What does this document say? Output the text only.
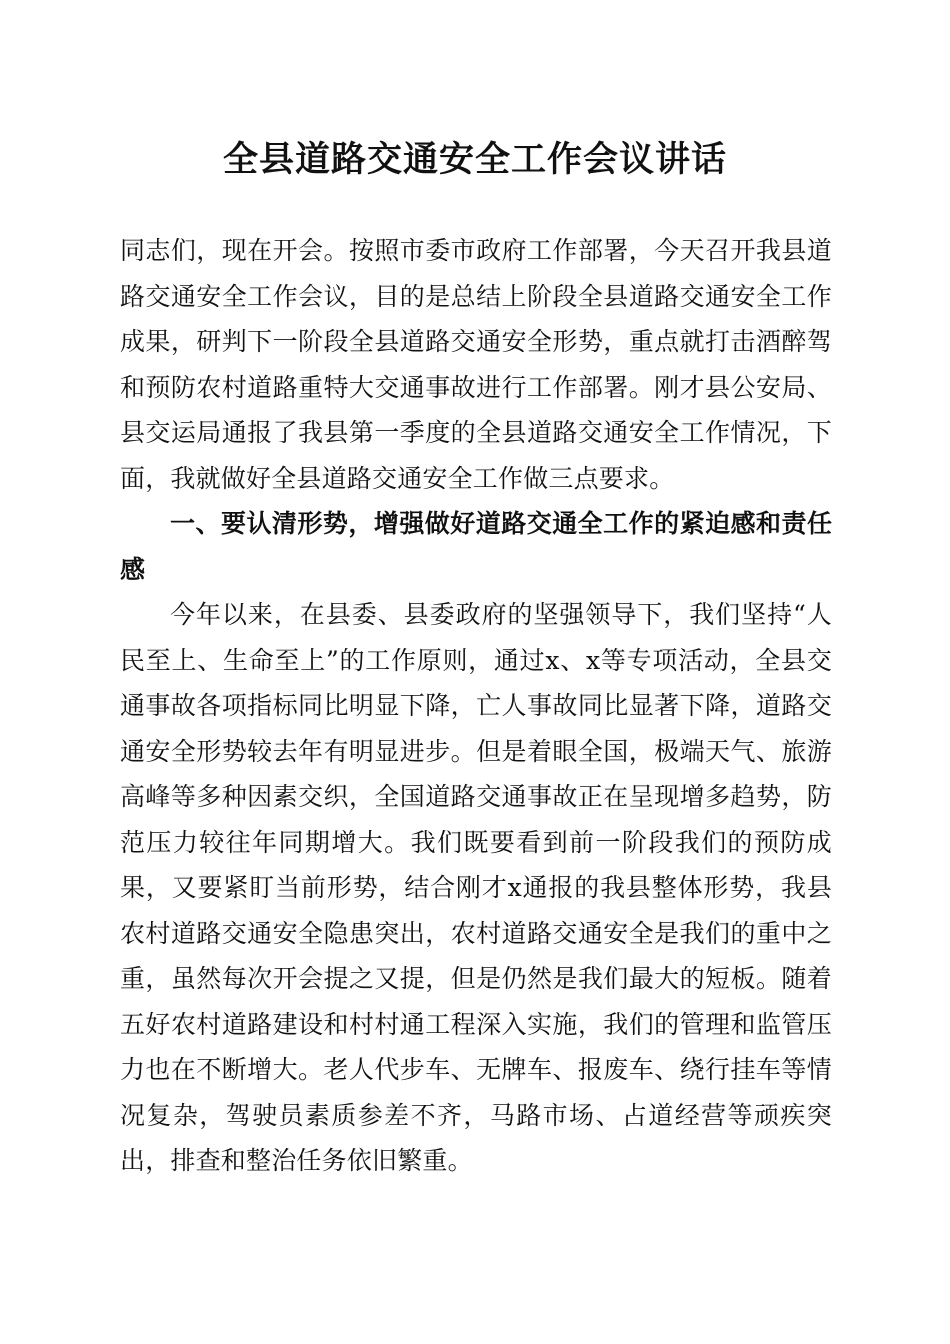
全县道路交通安全工作会议讲话

同志们，现在开会。按照市委市政府工作部署，今天召开我县道路交通安全工作会议，目的是总结上阶段全县道路交通安全工作成果，研判下一阶段全县道路交通安全形势，重点就打击酒醉驾和预防农村道路重特大交通事故进行工作部署。刚才县公安局、县交运局通报了我县第一季度的全县道路交通安全工作情况，下面，我就做好全县道路交通安全工作做三点要求。

一、要认清形势，增强做好道路交通全工作的紧迫感和责任感

今年以来，在县委、县委政府的坚强领导下，我们坚持“人民至上、生命至上”的工作原则，通过x、x等专项活动，全县交通事故各项指标同比明显下降，亡人事故同比显著下降，道路交通安全形势较去年有明显进步。但是着眼全国，极端天气、旅游高峰等多种因素交织，全国道路交通事故正在呈现增多趋势，防范压力较往年同期增大。我们既要看到前一阶段我们的预防成果，又要紧盯当前形势，结合刚才x通报的我县整体形势，我县农村道路交通安全隐患突出，农村道路交通安全是我们的重中之重，虽然每次开会提之又提，但是仍然是我们最大的短板。随着五好农村道路建设和村村通工程深入实施，我们的管理和监管压力也在不断增大。老人代步车、无牌车、报废车、绕行挂车等情况复杂，驾驶员素质参差不齐，马路市场、占道经营等顽疾突出，排查和整治任务依旧繁重。
